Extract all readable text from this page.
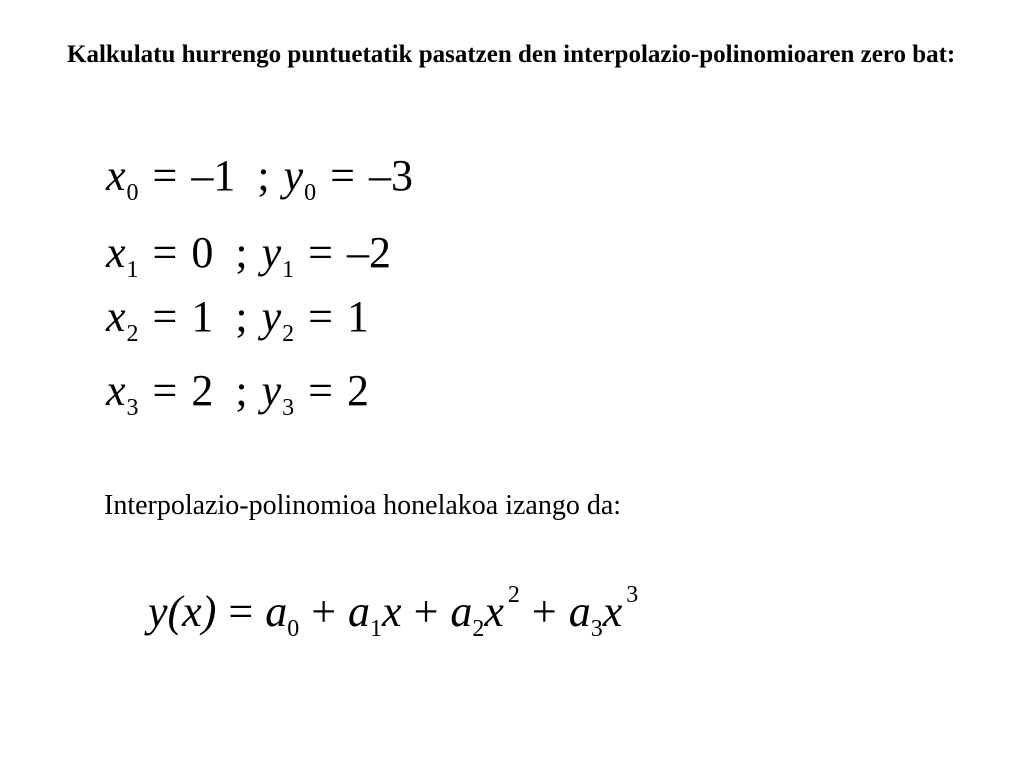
Kalkulatu hurrengo puntuetatik pasatzen den interpolazio-polinomioaren zero bat:
$x_0 = -1$ ; $y_0 = -3$
$x_1 = 0$ ; $y_1 = -2$
$x_2 = 1$ ; $y_2 = 1$
$x_3 = 2$ ; $y_3 = 2$
Interpolazio-polinomioa honelakoa izango da:
$y(x) = a_0 + a_1x + a_2x$ $^2 + a_3x$ $^3$
